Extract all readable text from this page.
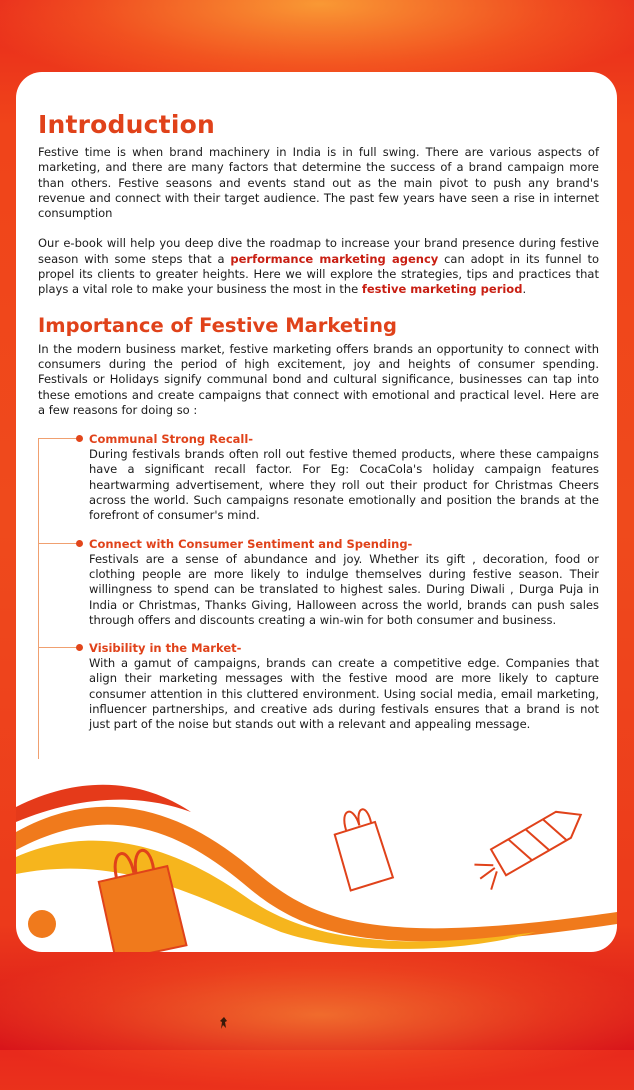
Introduction

Festive time is when brand machinery in India is in full swing. There are various aspects of marketing, and there are many factors that determine the success of a brand campaign more than others. Festive seasons and events stand out as the main pivot to push any brand's revenue and connect with their target audience. The past few years have seen a rise in internet consumption

Our e-book will help you deep dive the roadmap to increase your brand presence during festive season with some steps that a performance marketing agency can adopt in its funnel to propel its clients to greater heights. Here we will explore the strategies, tips and practices that plays a vital role to make your business the most in the festive marketing period.

Importance of Festive Marketing

In the modern business market, festive marketing offers brands an opportunity to connect with consumers during the period of high excitement, joy and heights of consumer spending. Festivals or Holidays signify communal bond and cultural significance, businesses can tap into these emotions and create campaigns that connect with emotional and practical level. Here are a few reasons for doing so :

Communal Strong Recall-

During festivals brands often roll out festive themed products, where these campaigns have a significant recall factor. For Eg: CocaCola's holiday campaign features heartwarming advertisement, where they roll out their product for Christmas Cheers across the world. Such campaigns resonate emotionally and position the brands at the forefront of consumer's mind.

Connect with Consumer Sentiment and Spending-

Festivals are a sense of abundance and joy. Whether its gift , decoration, food or clothing people are more likely to indulge themselves during festive season. Their willingness to spend can be translated to highest sales. During Diwali , Durga Puja in India or Christmas, Thanks Giving, Halloween across the world, brands can push sales through offers and discounts creating a win-win for both consumer and business.

Visibility in the Market-

With a gamut of campaigns, brands can create a competitive edge. Companies that align their marketing messages with the festive mood are more likely to capture consumer attention in this cluttered environment. Using social media, email marketing, influencer partnerships, and creative ads during festivals ensures that a brand is not just part of the noise but stands out with a relevant and appealing message.
